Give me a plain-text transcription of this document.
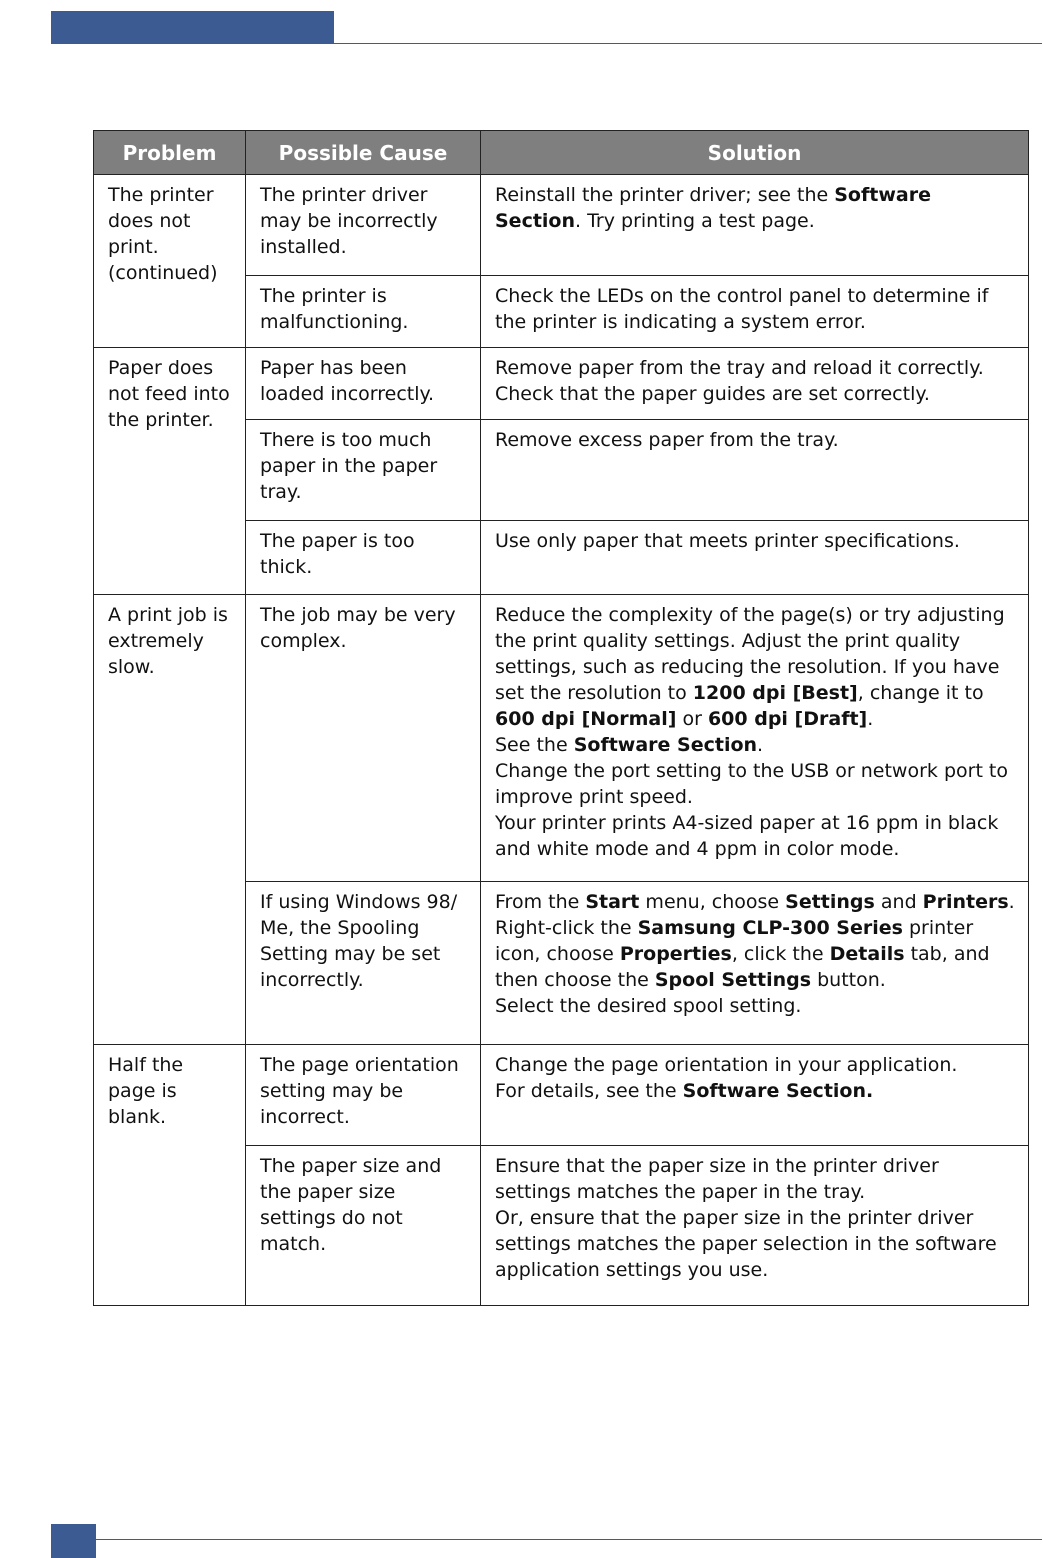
Problem	Possible Cause	Solution
The printer does not print. (continued)	The printer driver may be incorrectly installed.	Reinstall the printer driver; see the Software Section. Try printing a test page.
	The printer is malfunctioning.	Check the LEDs on the control panel to determine if the printer is indicating a system error.
Paper does not feed into the printer.	Paper has been loaded incorrectly.	Remove paper from the tray and reload it correctly.
Check that the paper guides are set correctly.

	There is too much paper in the paper tray.	Remove excess paper from the tray.
	The paper is too thick.	Use only paper that meets printer specifications.
A print job is extremely slow.	The job may be very complex.	Reduce the complexity of the page(s) or try adjusting the print quality settings. Adjust the print quality settings, such as reducing the resolution. If you have set the resolution to 1200 dpi [Best], change it to 600 dpi [Normal] or 600 dpi [Draft].

See the Software Section.

Change the port setting to the USB or network port to improve print speed.

Your printer prints A4-sized paper at 16 ppm in black and white mode and 4 ppm in color mode.

	If using Windows 98/ Me, the Spooling Setting may be set incorrectly.	From the Start menu, choose Settings and Printers. Right-click the Samsung CLP-300 Series printer icon, choose Properties, click the Details tab, and then choose the Spool Settings button.

Select the desired spool setting.

Half the page is blank.	The page orientation setting may be incorrect.	Change the page orientation in your application.
For details, see the Software Section.
	The paper size and the paper size settings do not match.	Ensure that the paper size in the printer driver settings matches the paper in the tray.

Or, ensure that the paper size in the printer driver settings matches the paper selection in the software application settings you use.
